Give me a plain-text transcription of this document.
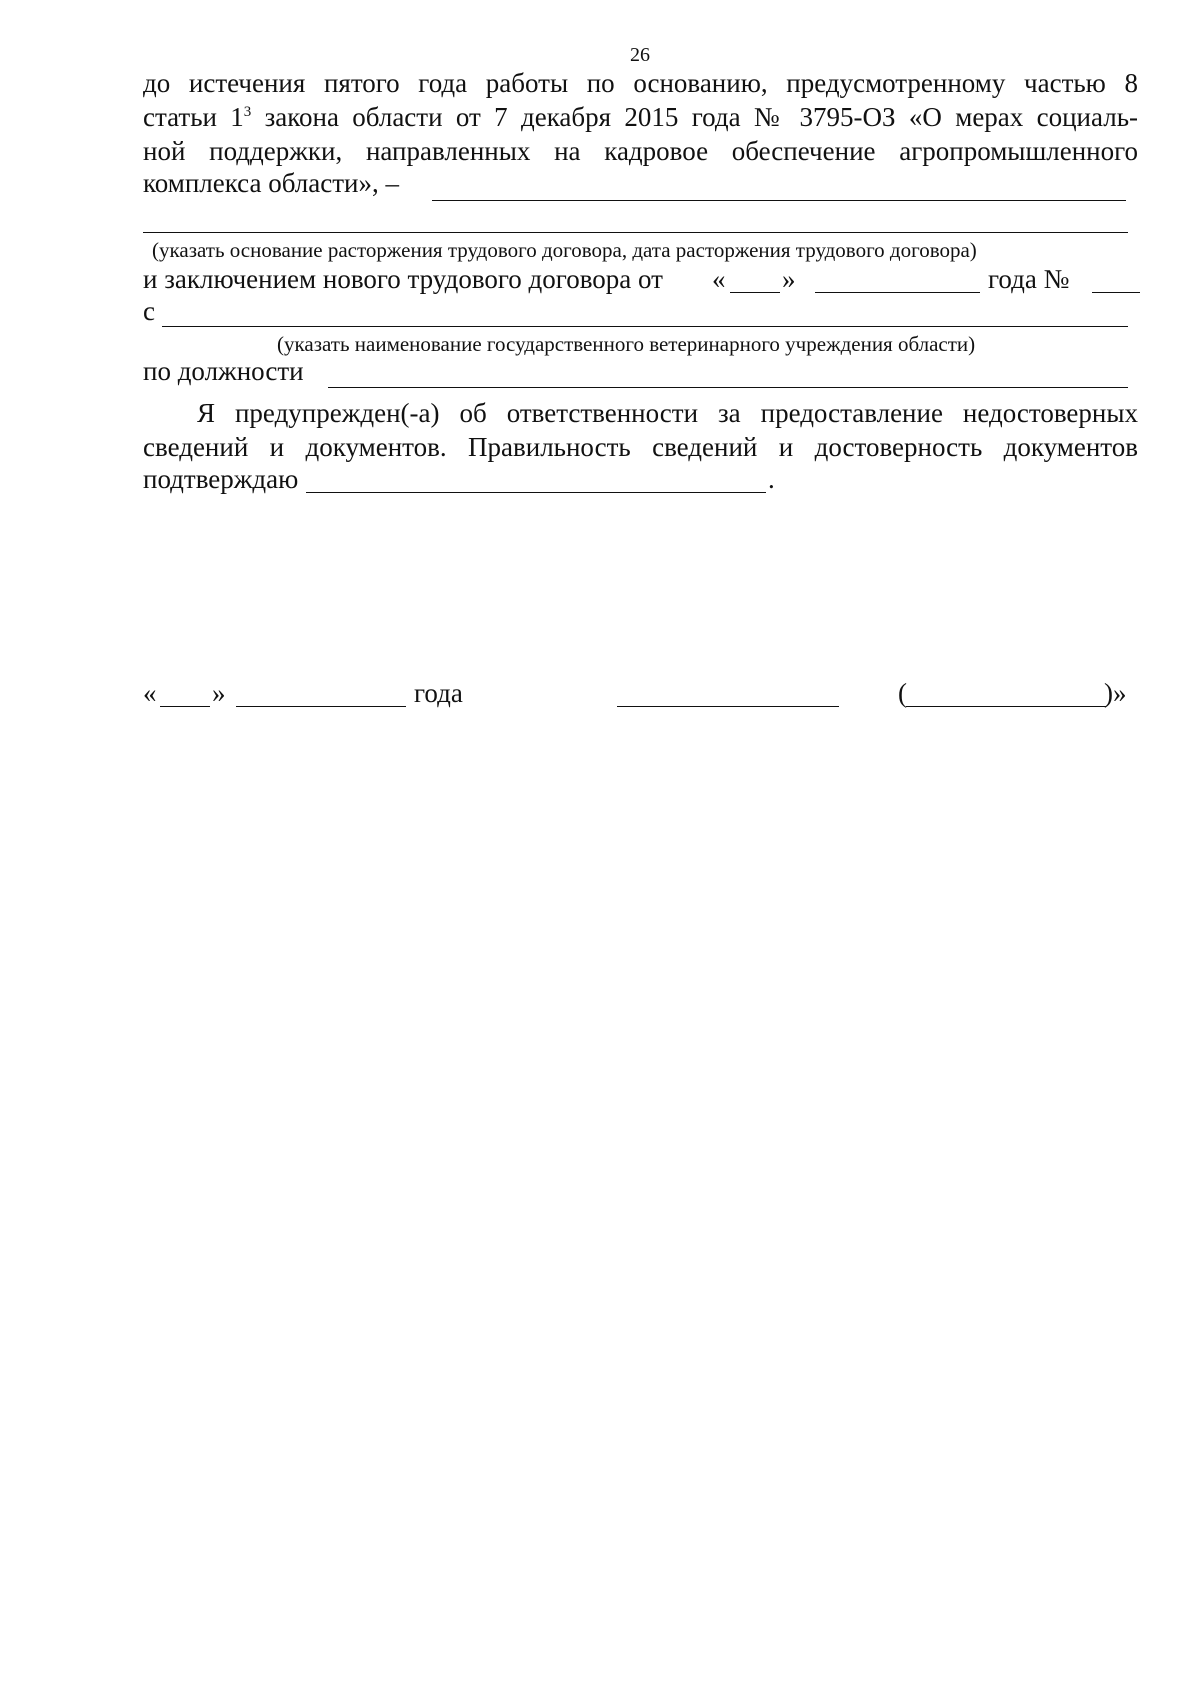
26
до истечения пятого года работы по основанию, предусмотренному частью 8
статьи $1^3$ закона области от 7 декабря 2015 года № 3795-ОЗ «О мерах социаль-
ной поддержки, направленных на кадровое обеспечение агропромышленного
комплекса области», –
(указать основание расторжения трудового договора, дата расторжения трудового договора)
и заключением нового трудового договора от	«	»	года №
с
(указать наименование государственного ветеринарного учреждения области)
по должности
Я предупрежден(-а) об ответственности за предоставление недостоверных
сведений и документов. Правильность сведений и достоверность документов
подтверждаю	.
«	»	года	(	)»
